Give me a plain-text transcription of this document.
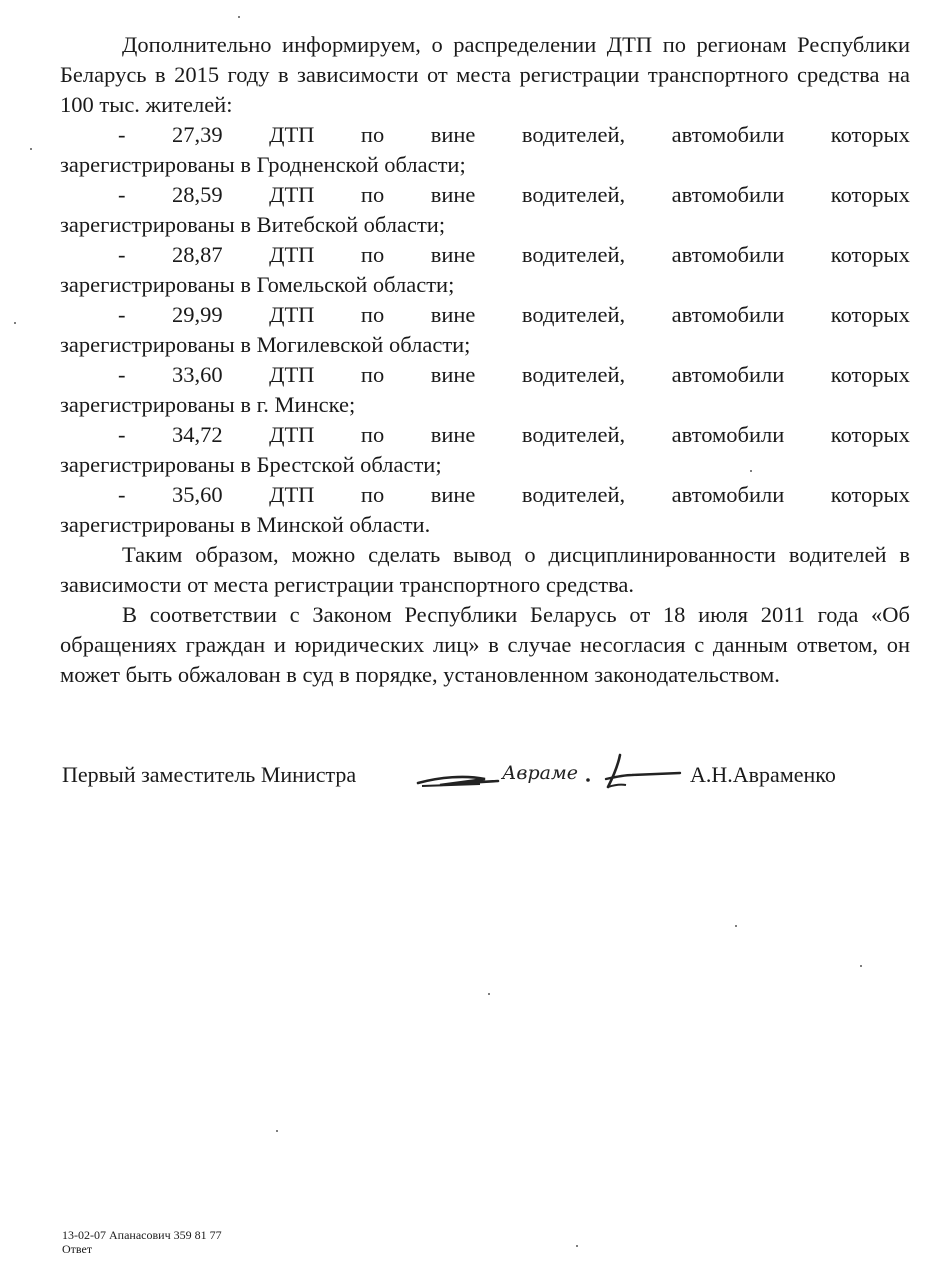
Дополнительно информируем, о распределении ДТП по регионам Республики Беларусь в 2015 году в зависимости от места регистрации транспортного средства на 100 тыс. жителей:

- 27,39 ДТП по вине водителей, автомобили которых
зарегистрированы в Гродненской области;
- 28,59 ДТП по вине водителей, автомобили которых
зарегистрированы в Витебской области;
- 28,87 ДТП по вине водителей, автомобили которых
зарегистрированы в Гомельской области;
- 29,99 ДТП по вине водителей, автомобили которых
зарегистрированы в Могилевской области;
- 33,60 ДТП по вине водителей, автомобили которых
зарегистрированы в г. Минске;
- 34,72 ДТП по вине водителей, автомобили которых
зарегистрированы в Брестской области;
- 35,60 ДТП по вине водителей, автомобили которых
зарегистрированы в Минской области.

Таким образом, можно сделать вывод о дисциплинированности водителей в зависимости от места регистрации транспортного средства.

В соответствии с Законом Республики Беларусь от 18 июля 2011 года «Об обращениях граждан и юридических лиц» в случае несогласия с данным ответом, он может быть обжалован в суд в порядке, установленном законодательством.

Первый заместитель Министра	Авраме	А.Н.Авраменко
13-02-07 Апанасович 359 81 77
Ответ
